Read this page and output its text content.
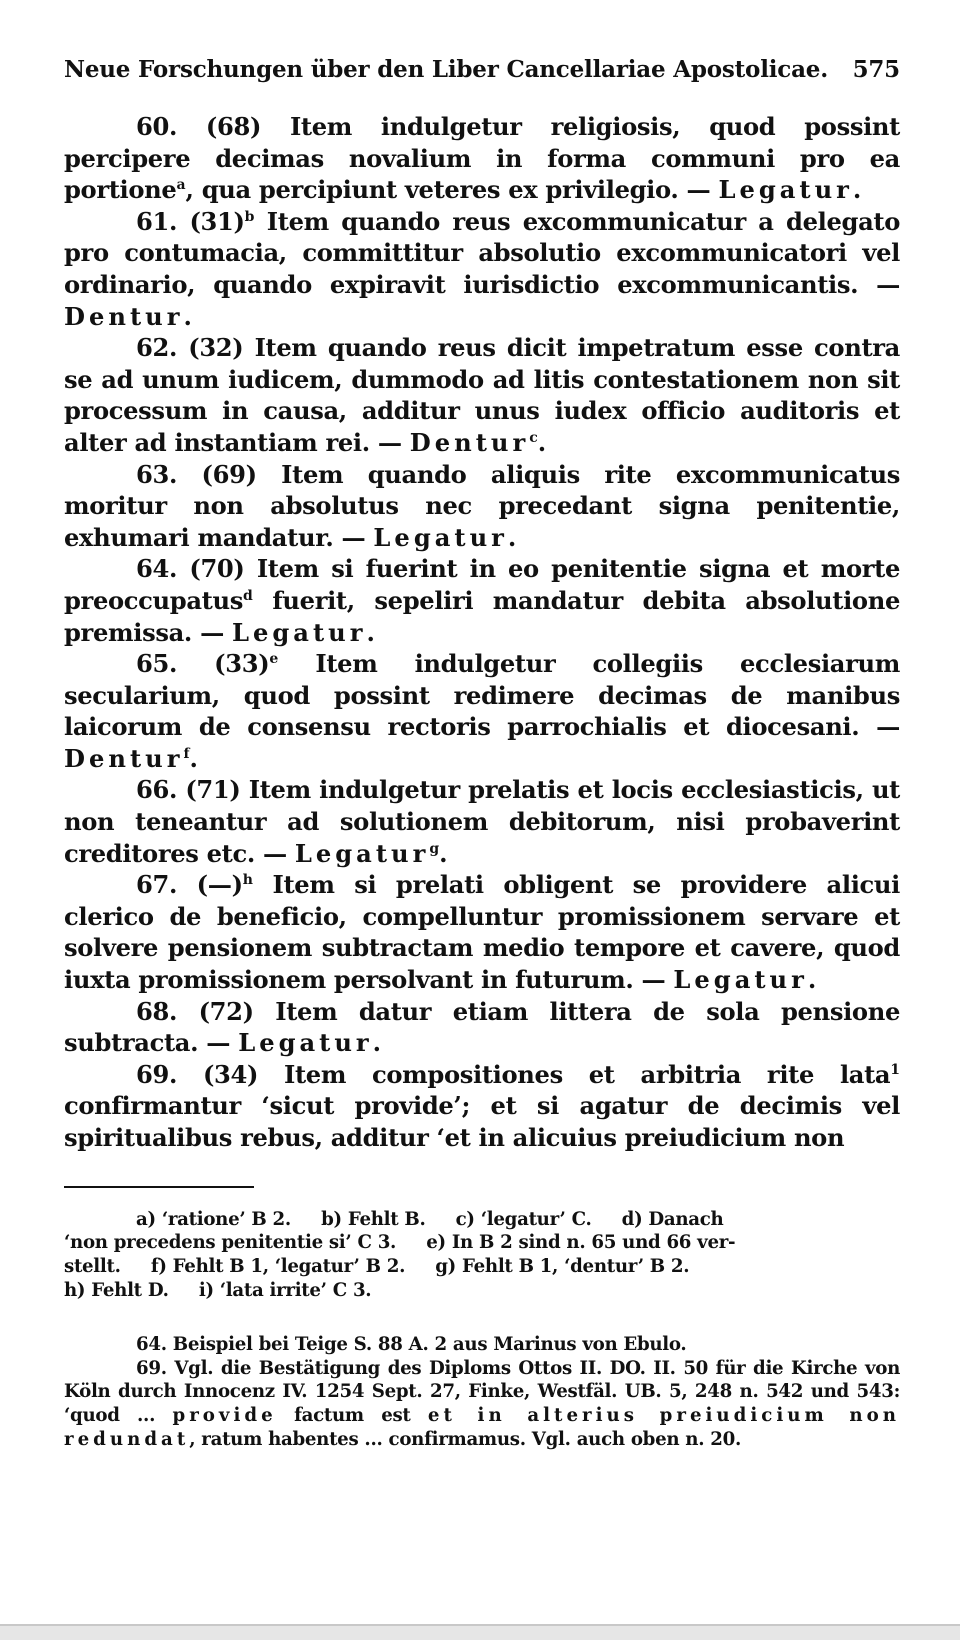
Neue Forschungen über den Liber Cancellariae Apostolicae. 575

60. (68) Item indulgetur religiosis, quod possint percipere decimas novalium in forma communi pro ea portione$^a$, qua percipiunt veteres ex privilegio. — Legatur.

61. $(31)^b$ Item quando reus excommunicatur a delegato pro contumacia, committitur absolutio excommunicatori vel ordinario, quando expiravit iurisdictio excommunicantis. — Dentur.

62. (32) Item quando reus dicit impetratum esse contra se ad unum iudicem, dummodo ad litis contestationem non sit processum in causa, additur unus iudex officio auditoris et alter ad instantiam rei. — Dentur$^c$.

63. (69) Item quando aliquis rite excommunicatus moritur non absolutus nec precedant signa penitentie, exhumari mandatur. — Legatur.

64. (70) Item si fuerint in eo penitentie signa et morte preoccupatus$^d$ fuerit, sepeliri mandatur debita absolutione premissa. — Legatur.

65. $(33)^e$ Item indulgetur collegiis ecclesiarum secularium, quod possint redimere decimas de manibus laicorum de consensu rectoris parrochialis et diocesani. — Dentur$^f$.

66. (71) Item indulgetur prelatis et locis ecclesiasticis, ut non teneantur ad solutionem debitorum, nisi probaverint creditores etc. — Legatur$^g$.

67. (—)$^h$ Item si prelati obligent se providere alicui clerico de beneficio, compelluntur promissionem servare et solvere pensionem subtractam medio tempore et cavere, quod iuxta promissionem persolvant in futurum. — Legatur.

68. (72) Item datur etiam littera de sola pensione subtracta. — Legatur.

69. (34) Item compositiones et arbitria rite lata$^1$ confirmantur ‘sicut provide’; et si agatur de decimis vel spiritualibus rebus, additur ‘et in alicuius preiudicium non

a) ‘ratione’ B 2.     b) Fehlt B.     c) ‘legatur’ C.     d) Danach

‘non precedens penitentie si’ C 3.     e) In B 2 sind n. 65 und 66 ver-

stellt.     f) Fehlt B 1, ‘legatur’ B 2.     g) Fehlt B 1, ‘dentur’ B 2.

h) Fehlt D.     i) ‘lata irrite’ C 3.

64. Beispiel bei Teige S. 88 A. 2 aus Marinus von Ebulo.

69. Vgl. die Bestätigung des Diploms Ottos II. DO. II. 50 für die Kirche von Köln durch Innocenz IV. 1254 Sept. 27, Finke, Westfäl. UB. 5, 248 n. 542 und 543: ‘quod ... provide factum est et in alterius preiudicium non redundat, ratum habentes ... confirmamus. Vgl. auch oben n. 20.
